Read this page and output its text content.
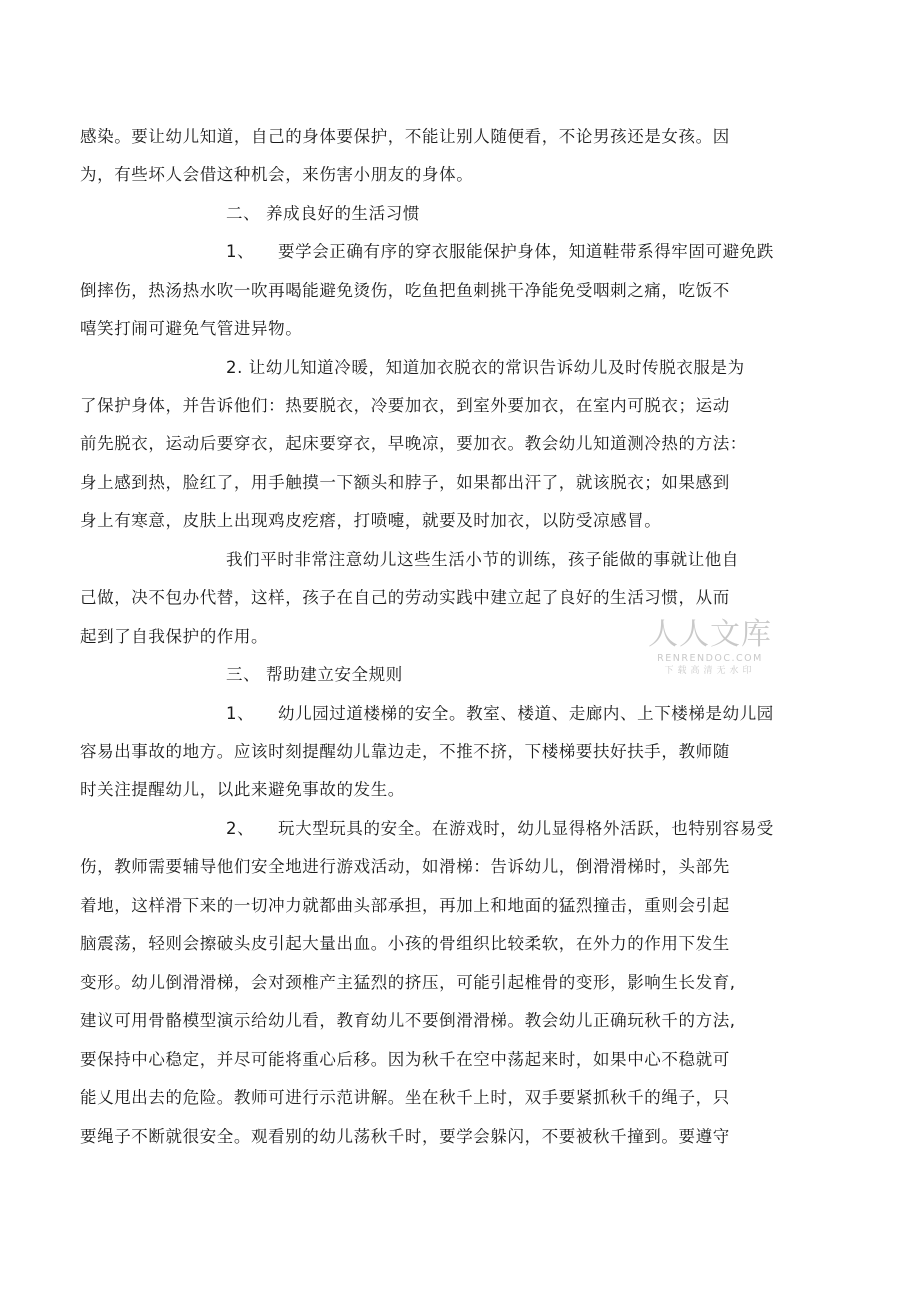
感染。要让幼儿知道，自己的身体要保护，不能让别人随便看，不论男孩还是女孩。因
为，有些坏人会借这种机会，来伤害小朋友的身体。
二、 养成良好的生活习惯
1、 要学会正确有序的穿衣服能保护身体，知道鞋带系得牢固可避免跌
倒摔伤，热汤热水吹一吹再喝能避免烫伤，吃鱼把鱼刺挑干净能免受咽刺之痛，吃饭不
嘻笑打闹可避免气管进异物。
2. 让幼儿知道冷暖，知道加衣脱衣的常识告诉幼儿及时传脱衣服是为
了保护身体，并告诉他们：热要脱衣，冷要加衣，到室外要加衣，在室内可脱衣；运动
前先脱衣，运动后要穿衣，起床要穿衣，早晚凉，要加衣。教会幼儿知道测冷热的方法：
身上感到热，脸红了，用手触摸一下额头和脖子，如果都出汗了，就该脱衣；如果感到
身上有寒意，皮肤上出现鸡皮疙瘩，打喷嚏，就要及时加衣，以防受凉感冒。
我们平时非常注意幼儿这些生活小节的训练，孩子能做的事就让他自
己做，决不包办代替，这样，孩子在自己的劳动实践中建立起了良好的生活习惯，从而
起到了自我保护的作用。
三、 帮助建立安全规则
1、 幼儿园过道楼梯的安全。教室、楼道、走廊内、上下楼梯是幼儿园
容易出事故的地方。应该时刻提醒幼儿靠边走，不推不挤，下楼梯要扶好扶手，教师随
时关注提醒幼儿，以此来避免事故的发生。
2、 玩大型玩具的安全。在游戏时，幼儿显得格外活跃，也特别容易受
伤，教师需要辅导他们安全地进行游戏活动，如滑梯：告诉幼儿，倒滑滑梯时，头部先
着地，这样滑下来的一切冲力就都曲头部承担，再加上和地面的猛烈撞击，重则会引起
脑震荡，轻则会擦破头皮引起大量出血。小孩的骨组织比较柔软，在外力的作用下发生
变形。幼儿倒滑滑梯，会对颈椎产主猛烈的挤压，可能引起椎骨的变形，影响生长发育,
建议可用骨骼模型演示给幼儿看，教育幼儿不要倒滑滑梯。教会幼儿正确玩秋千的方法,
要保持中心稳定，并尽可能将重心后移。因为秋千在空中荡起来时，如果中心不稳就可
能乂甩出去的危险。教师可进行示范讲解。坐在秋千上时，双手要紧抓秋千的绳子，只
要绳子不断就很安全。观看别的幼儿荡秋千时，要学会躲闪，不要被秋千撞到。要遵守
人人文库
RENRENDOC.COM
下载高清无水印
